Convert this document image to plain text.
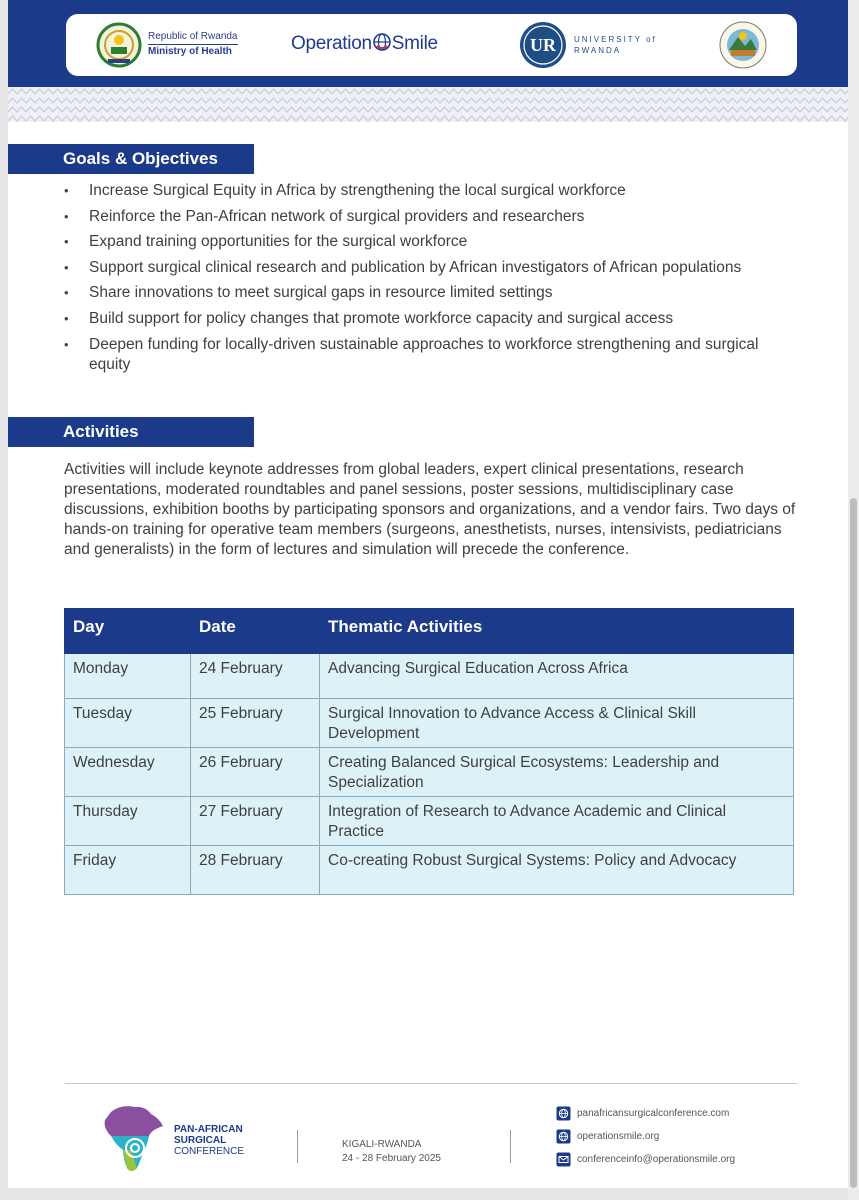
Republic of Rwanda
Ministry of Health	Operation Smile	UR UNIVERSITY of
RWANDA
Goals & Objectives
• Increase Surgical Equity in Africa by strengthening the local surgical workforce
• Reinforce the Pan-African network of surgical providers and researchers
• Expand training opportunities for the surgical workforce
• Support surgical clinical research and publication by African investigators of African populations
• Share innovations to meet surgical gaps in resource limited settings
• Build support for policy changes that promote workforce capacity and surgical access
• Deepen funding for locally-driven sustainable approaches to workforce strengthening and surgical equity
Activities

Activities will include keynote addresses from global leaders, expert clinical presentations, research presentations, moderated roundtables and panel sessions, poster sessions, multidisciplinary case discussions, exhibition booths by participating sponsors and organizations, and a vendor fairs. Two days of hands-on training for operative team members (surgeons, anesthetists, nurses, intensivists, pediatricians and generalists) in the form of lectures and simulation will precede the conference.

Day	Date	Thematic Activities
Monday	24 February	Advancing Surgical Education Across Africa
Tuesday	25 February	Surgical Innovation to Advance Access & Clinical Skill Development
Wednesday	26 February	Creating Balanced Surgical Ecosystems: Leadership and Specialization
Thursday	27 February	Integration of Research to Advance Academic and Clinical Practice
Friday	28 February	Co-creating Robust Surgical Systems: Policy and Advocacy
PAN-AFRICAN
SURGICAL
CONFERENCE
KIGALI-RWANDA
24 - 28 February 2025
panafricansurgicalconference.com
operationsmile.org
conferenceinfo@operationsmile.org
